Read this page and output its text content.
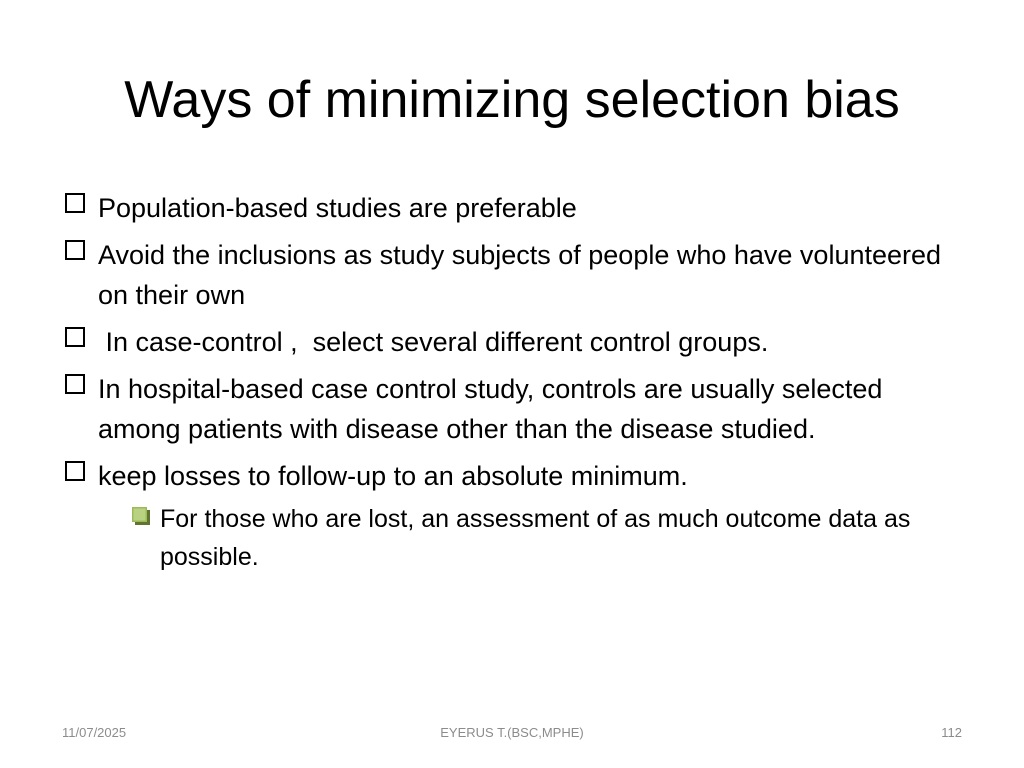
Ways of minimizing selection bias
Population-based studies are preferable
Avoid the inclusions as study subjects of people who have volunteered on their own
In case-control ,  select several different control groups.
In hospital-based case control study, controls are usually selected among patients with disease other than the disease studied.
keep losses to follow-up to an absolute minimum.
For those who are lost, an assessment of as much outcome data as possible.
11/07/2025	EYERUS T.(BSC,MPHE)	112
